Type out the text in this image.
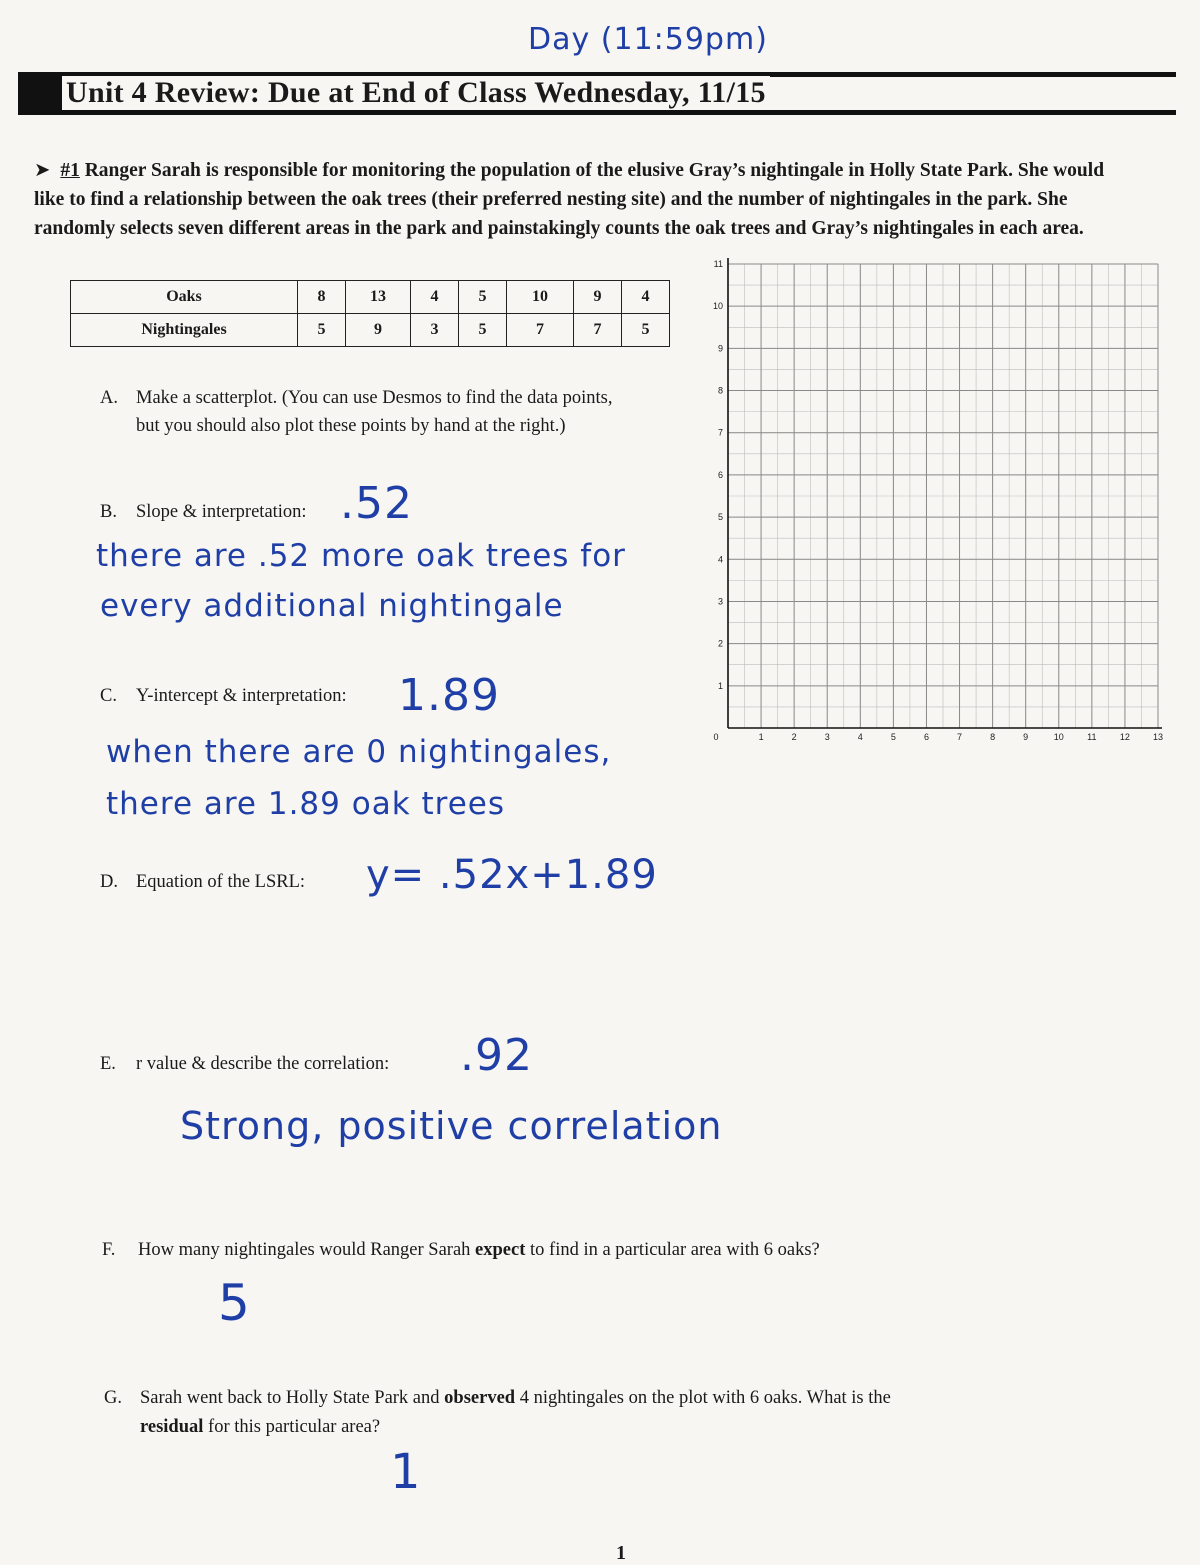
Day (11:59pm)
Unit 4 Review: Due at End of Class Wednesday, 11/15
➤ #1 Ranger Sarah is responsible for monitoring the population of the elusive Gray’s nightingale in Holly State Park. She would like to find a relationship between the oak trees (their preferred nesting site) and the number of nightingales in the park. She randomly selects seven different areas in the park and painstakingly counts the oak trees and Gray’s nightingales in each area.
Oaks	8	13	4	5	10	9	4
Nightingales	5	9	3	5	7	7	5
A. Make a scatterplot. (You can use Desmos to find the data points,
but you should also plot these points by hand at the right.)
B. Slope & interpretation: .52
there are .52 more oak trees for
every additional nightingale
C. Y-intercept & interpretation: 1.89
when there are 0 nightingales,
there are 1.89 oak trees
D. Equation of the LSRL: y= .52x+1.89
E. r value & describe the correlation: .92
Strong, positive correlation
F. How many nightingales would Ranger Sarah expect to find in a particular area with 6 oaks?
5
G. Sarah went back to Holly State Park and observed 4 nightingales on the plot with 6 oaks. What is the
residual for this particular area?
1
0	1	2	3	4	5	6	7	8	9	10	11	12	13
1
2
3
4
5
6
7
8
9
10
11
1
